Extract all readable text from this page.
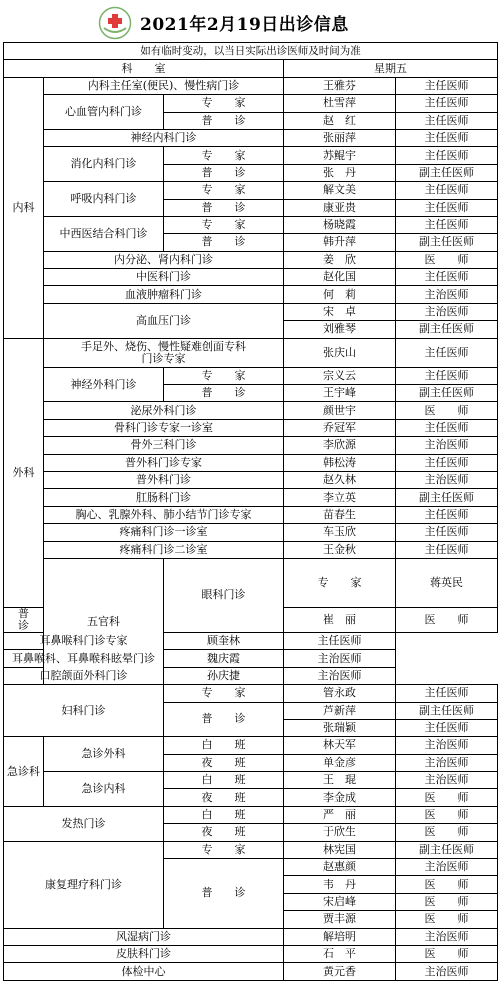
2021年2月19日出诊信息
如有临时变动，以当日实际出诊医师及时间为准					
科　　室			星期五		
内科	内科主任室(便民)、慢性病门诊		王雅芬	主任医师	
	心血管内科门诊	专　　家	杜雪萍	主任医师	
		普　　诊	赵　红	主任医师	
	神经内科门诊		张丽萍	主任医师	
	消化内科门诊	专　　家	苏鲲宇	主任医师	
		普　　诊	张　丹	副主任医师	
	呼吸内科门诊	专　　家	解文美	主任医师	
		普　　诊	康亚贵	主任医师	
	中西医结合科门诊	专　　家	杨晓霞	主任医师	
		普　　诊	韩升萍	副主任医师	
	内分泌、肾内科门诊		姜　欣	医　　师	
	中医科门诊		赵化国	主任医师	
	血液肿瘤科门诊		何　莉	主治医师	
	高血压门诊		宋　卓	主治医师	
			刘雅琴	副主任医师	
外科	手足外、烧伤、慢性疑难创面专科门诊专家		张庆山	主任医师	
	神经外科门诊	专　　家	宗义云	主任医师	
		普　　诊	王宇峰	副主任医师	
	泌尿外科门诊		颜世宇	医　　师	
	骨科门诊专家一诊室		乔冠军	主任医师	
	骨外三科门诊		李欣源	主治医师	
	普外科门诊专家		韩松涛	主任医师	
	普外科门诊		赵久林	主治医师	
	肛肠科门诊		李立英	副主任医师	
	胸心、乳腺外科、肺小结节门诊专家		苗春生	主任医师	
	疼痛科门诊一诊室		车玉欣	主任医师	
	疼痛科门诊二诊室		王金秋	主任医师	
	五官科	眼科门诊	专　　家	蒋英民	
普　　诊			崔　丽	医　　师	
耳鼻喉科门诊专家		顾奎林	主任医师		
耳鼻喉科、耳鼻喉科眩晕门诊		魏庆霞	主治医师		
口腔颌面外科门诊		孙庆捷	主治医师		
妇科门诊		专　　家	管永政	主任医师	
		普　　诊	芦新萍	副主任医师	
			张瑞颖	主任医师	
急诊科	急诊外科	白　　班	林天军	主治医师	
		夜　　班	单金彦	主治医师	
	急诊内科	白　　班	王　琨	主治医师	
		夜　　班	李金成	医　　师	
发热门诊		白　　班	严　丽	医　　师	
		夜　　班	于欣生	医　　师	
康复理疗科门诊		专　　家	林宪国	副主任医师	
		普　　诊	赵惠颜	主治医师	
			韦　丹	医　　师	
			宋启峰	医　　师	
			贾丰源	医　　师	
风湿病门诊			解培明	主治医师	
皮肤科门诊			石　平	医　　师	
体检中心			黄元香	主治医师	
